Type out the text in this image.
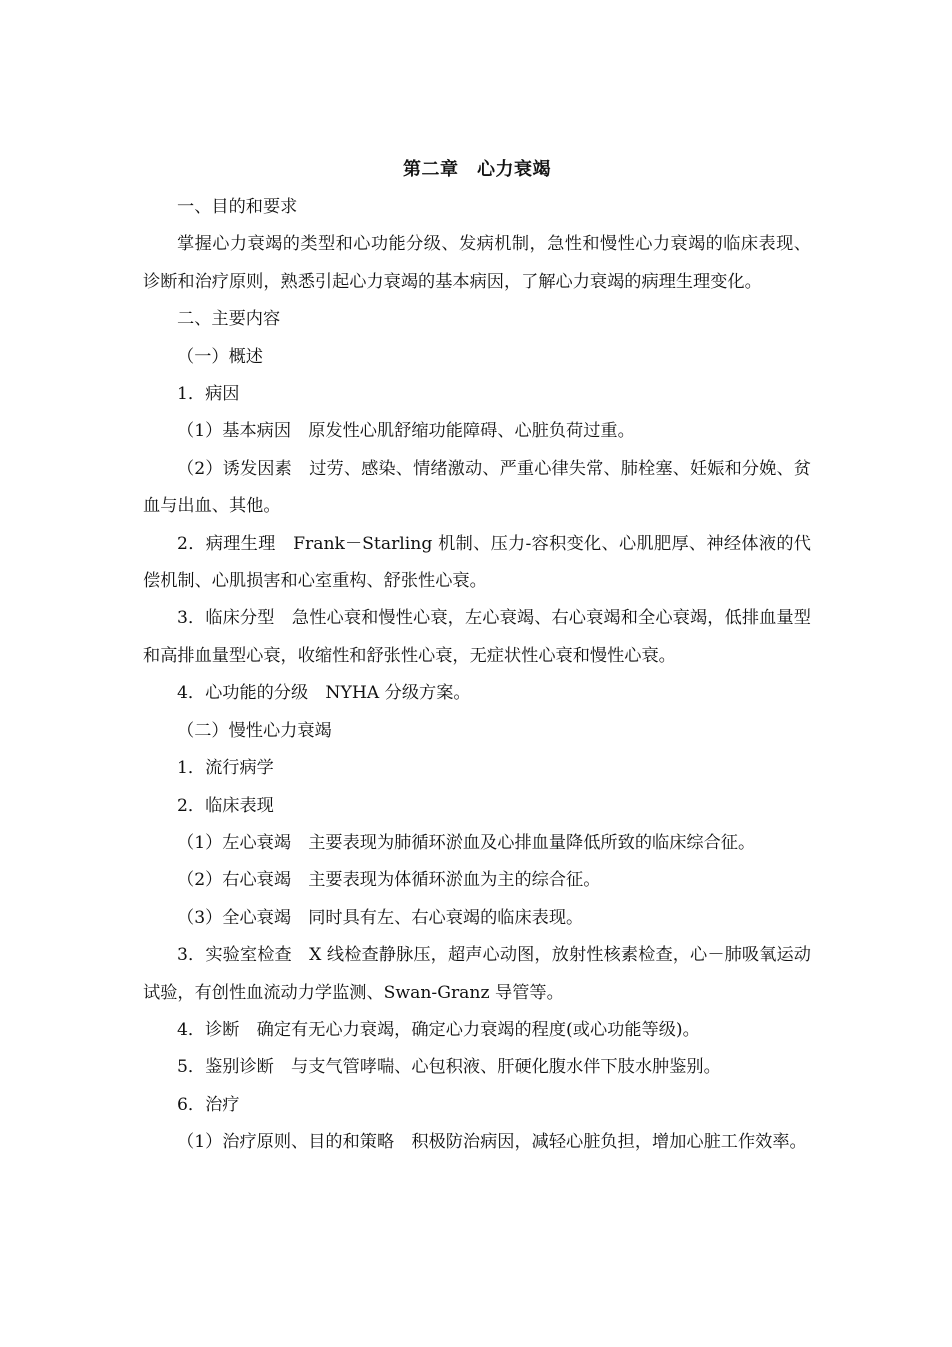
第二章　心力衰竭

一、目的和要求

掌握心力衰竭的类型和心功能分级、发病机制，急性和慢性心力衰竭的临床表现、诊断和治疗原则，熟悉引起心力衰竭的基本病因，了解心力衰竭的病理生理变化。

二、主要内容

（一）概述

1．病因

（1）基本病因　原发性心肌舒缩功能障碍、心脏负荷过重。

（2）诱发因素　过劳、感染、情绪激动、严重心律失常、肺栓塞、妊娠和分娩、贫血与出血、其他。

2．病理生理　Frank－Starling 机制、压力-容积变化、心肌肥厚、神经体液的代偿机制、心肌损害和心室重构、舒张性心衰。

3．临床分型　急性心衰和慢性心衰，左心衰竭、右心衰竭和全心衰竭，低排血量型和高排血量型心衰，收缩性和舒张性心衰，无症状性心衰和慢性心衰。

4．心功能的分级　NYHA 分级方案。

（二）慢性心力衰竭

1．流行病学

2．临床表现

（1）左心衰竭　主要表现为肺循环淤血及心排血量降低所致的临床综合征。

（2）右心衰竭　主要表现为体循环淤血为主的综合征。

（3）全心衰竭　同时具有左、右心衰竭的临床表现。

3．实验室检查　X 线检查静脉压，超声心动图，放射性核素检查，心－肺吸氧运动试验，有创性血流动力学监测、Swan-Granz 导管等。

4．诊断　确定有无心力衰竭，确定心力衰竭的程度(或心功能等级)。

5．鉴别诊断　与支气管哮喘、心包积液、肝硬化腹水伴下肢水肿鉴别。

6．治疗

（1）治疗原则、目的和策略　积极防治病因，减轻心脏负担，增加心脏工作效率。
